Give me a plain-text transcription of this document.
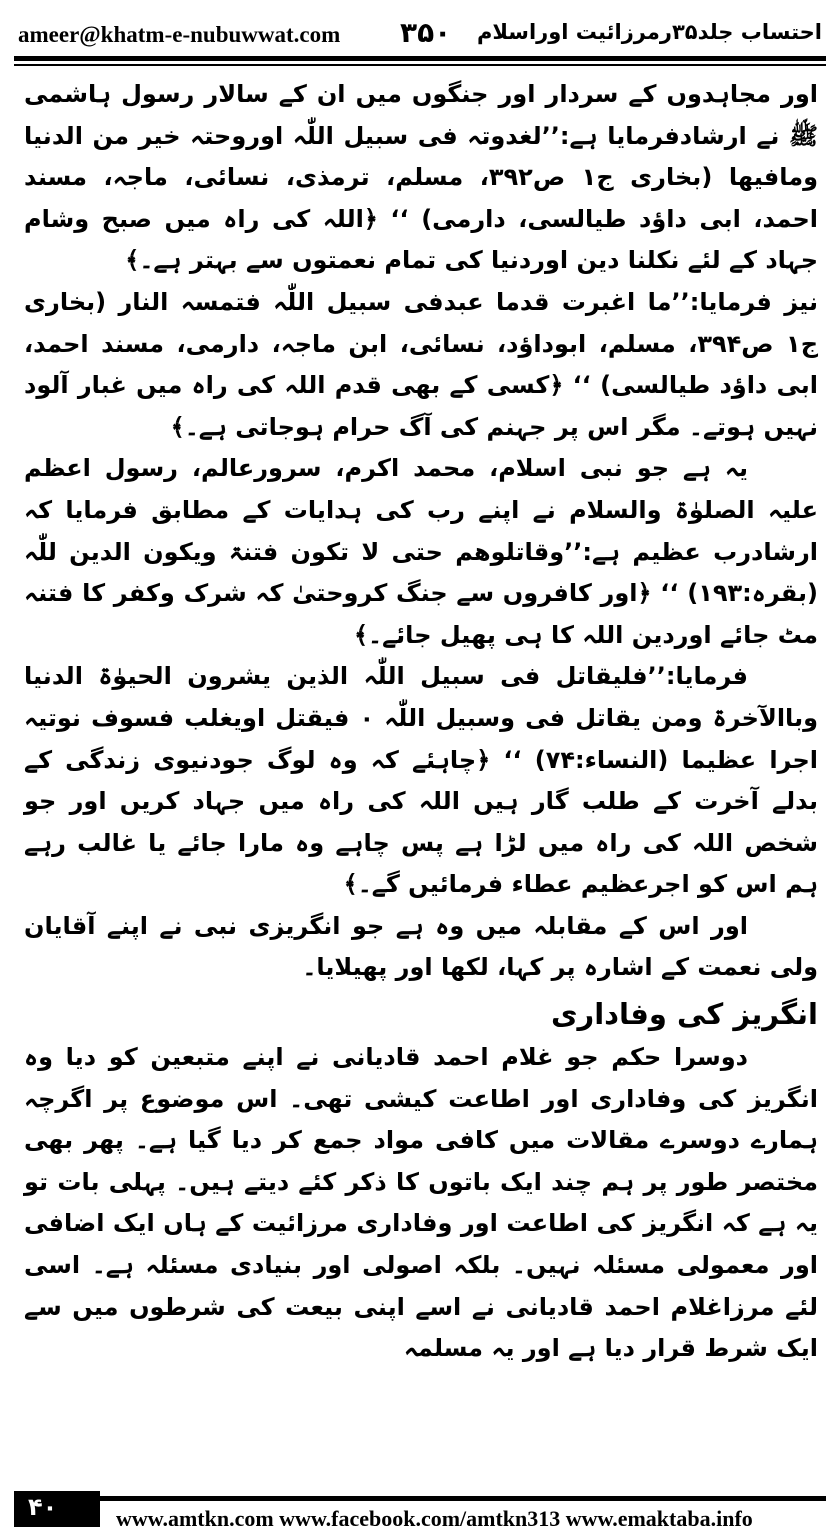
ameer@khatm-e-nubuwwat.com ۳۵۰ احتساب جلد۳۵رمرزائیت اوراسلام

اور مجاہدوں کے سردار اور جنگوں میں ان کے سالار رسول ہاشمی ﷺ نے ارشادفرمایا ہے:’’لغدوتہ فی سبیل اللّٰہ اوروحتہ خیر من الدنیا ومافیھا (بخاری ج۱ ص۳۹۲، مسلم، ترمذی، نسائی، ماجہ، مسند احمد، ابی داؤد طیالسی، دارمی) ‘‘ ﴿اللہ کی راہ میں صبح وشام جہاد کے لئے نکلنا دین اوردنیا کی تمام نعمتوں سے بہتر ہے۔﴾

نیز فرمایا:’’ما اغبرت قدما عبدفی سبیل اللّٰہ فتمسہ النار (بخاری ج۱ ص۳۹۴، مسلم، ابوداؤد، نسائی، ابن ماجہ، دارمی، مسند احمد، ابی داؤد طیالسی) ‘‘ ﴿کسی کے بھی قدم اللہ کی راہ میں غبار آلود نہیں ہوتے۔ مگر اس پر جہنم کی آگ حرام ہوجاتی ہے۔﴾

یہ ہے جو نبی اسلام، محمد اکرم، سرورعالم، رسول اعظم علیہ الصلوٰۃ والسلام نے اپنے رب کی ہدایات کے مطابق فرمایا کہ ارشادرب عظیم ہے:’’وقاتلوھم حتی لا تکون فتنۃ ویکون الدین للّٰہ (بقرہ:۱۹۳) ‘‘ ﴿اور کافروں سے جنگ کروحتیٰ کہ شرک وکفر کا فتنہ مٹ جائے اوردین اللہ کا ہی پھیل جائے۔﴾

فرمایا:’’فلیقاتل فی سبیل اللّٰہ الذین یشرون الحیوٰۃ الدنیا وباالآخرۃ ومن یقاتل فی وسبیل اللّٰہ ۰ فیقتل اویغلب فسوف نوتیہ اجرا عظیما (النساء:۷۴) ‘‘ ﴿چاہئے کہ وہ لوگ جودنیوی زندگی کے بدلے آخرت کے طلب گار ہیں اللہ کی راہ میں جہاد کریں اور جو شخص اللہ کی راہ میں لڑا ہے پس چاہے وہ مارا جائے یا غالب رہے ہم اس کو اجرعظیم عطاء فرمائیں گے۔﴾

اور اس کے مقابلہ میں وہ ہے جو انگریزی نبی نے اپنے آقایان ولی نعمت کے اشارہ پر کہا، لکھا اور پھیلایا۔

انگریز کی وفاداری

دوسرا حکم جو غلام احمد قادیانی نے اپنے متبعین کو دیا وہ انگریز کی وفاداری اور اطاعت کیشی تھی۔ اس موضوع پر اگرچہ ہمارے دوسرے مقالات میں کافی مواد جمع کر دیا گیا ہے۔ پھر بھی مختصر طور پر ہم چند ایک باتوں کا ذکر کئے دیتے ہیں۔ پہلی بات تو یہ ہے کہ انگریز کی اطاعت اور وفاداری مرزائیت کے ہاں ایک اضافی اور معمولی مسئلہ نہیں۔ بلکہ اصولی اور بنیادی مسئلہ ہے۔ اسی لئے مرزاغلام احمد قادیانی نے اسے اپنی بیعت کی شرطوں میں سے ایک شرط قرار دیا ہے اور یہ مسلمہ

۴۰	www.amtkn.com www.facebook.com/amtkn313 www.emaktaba.info
